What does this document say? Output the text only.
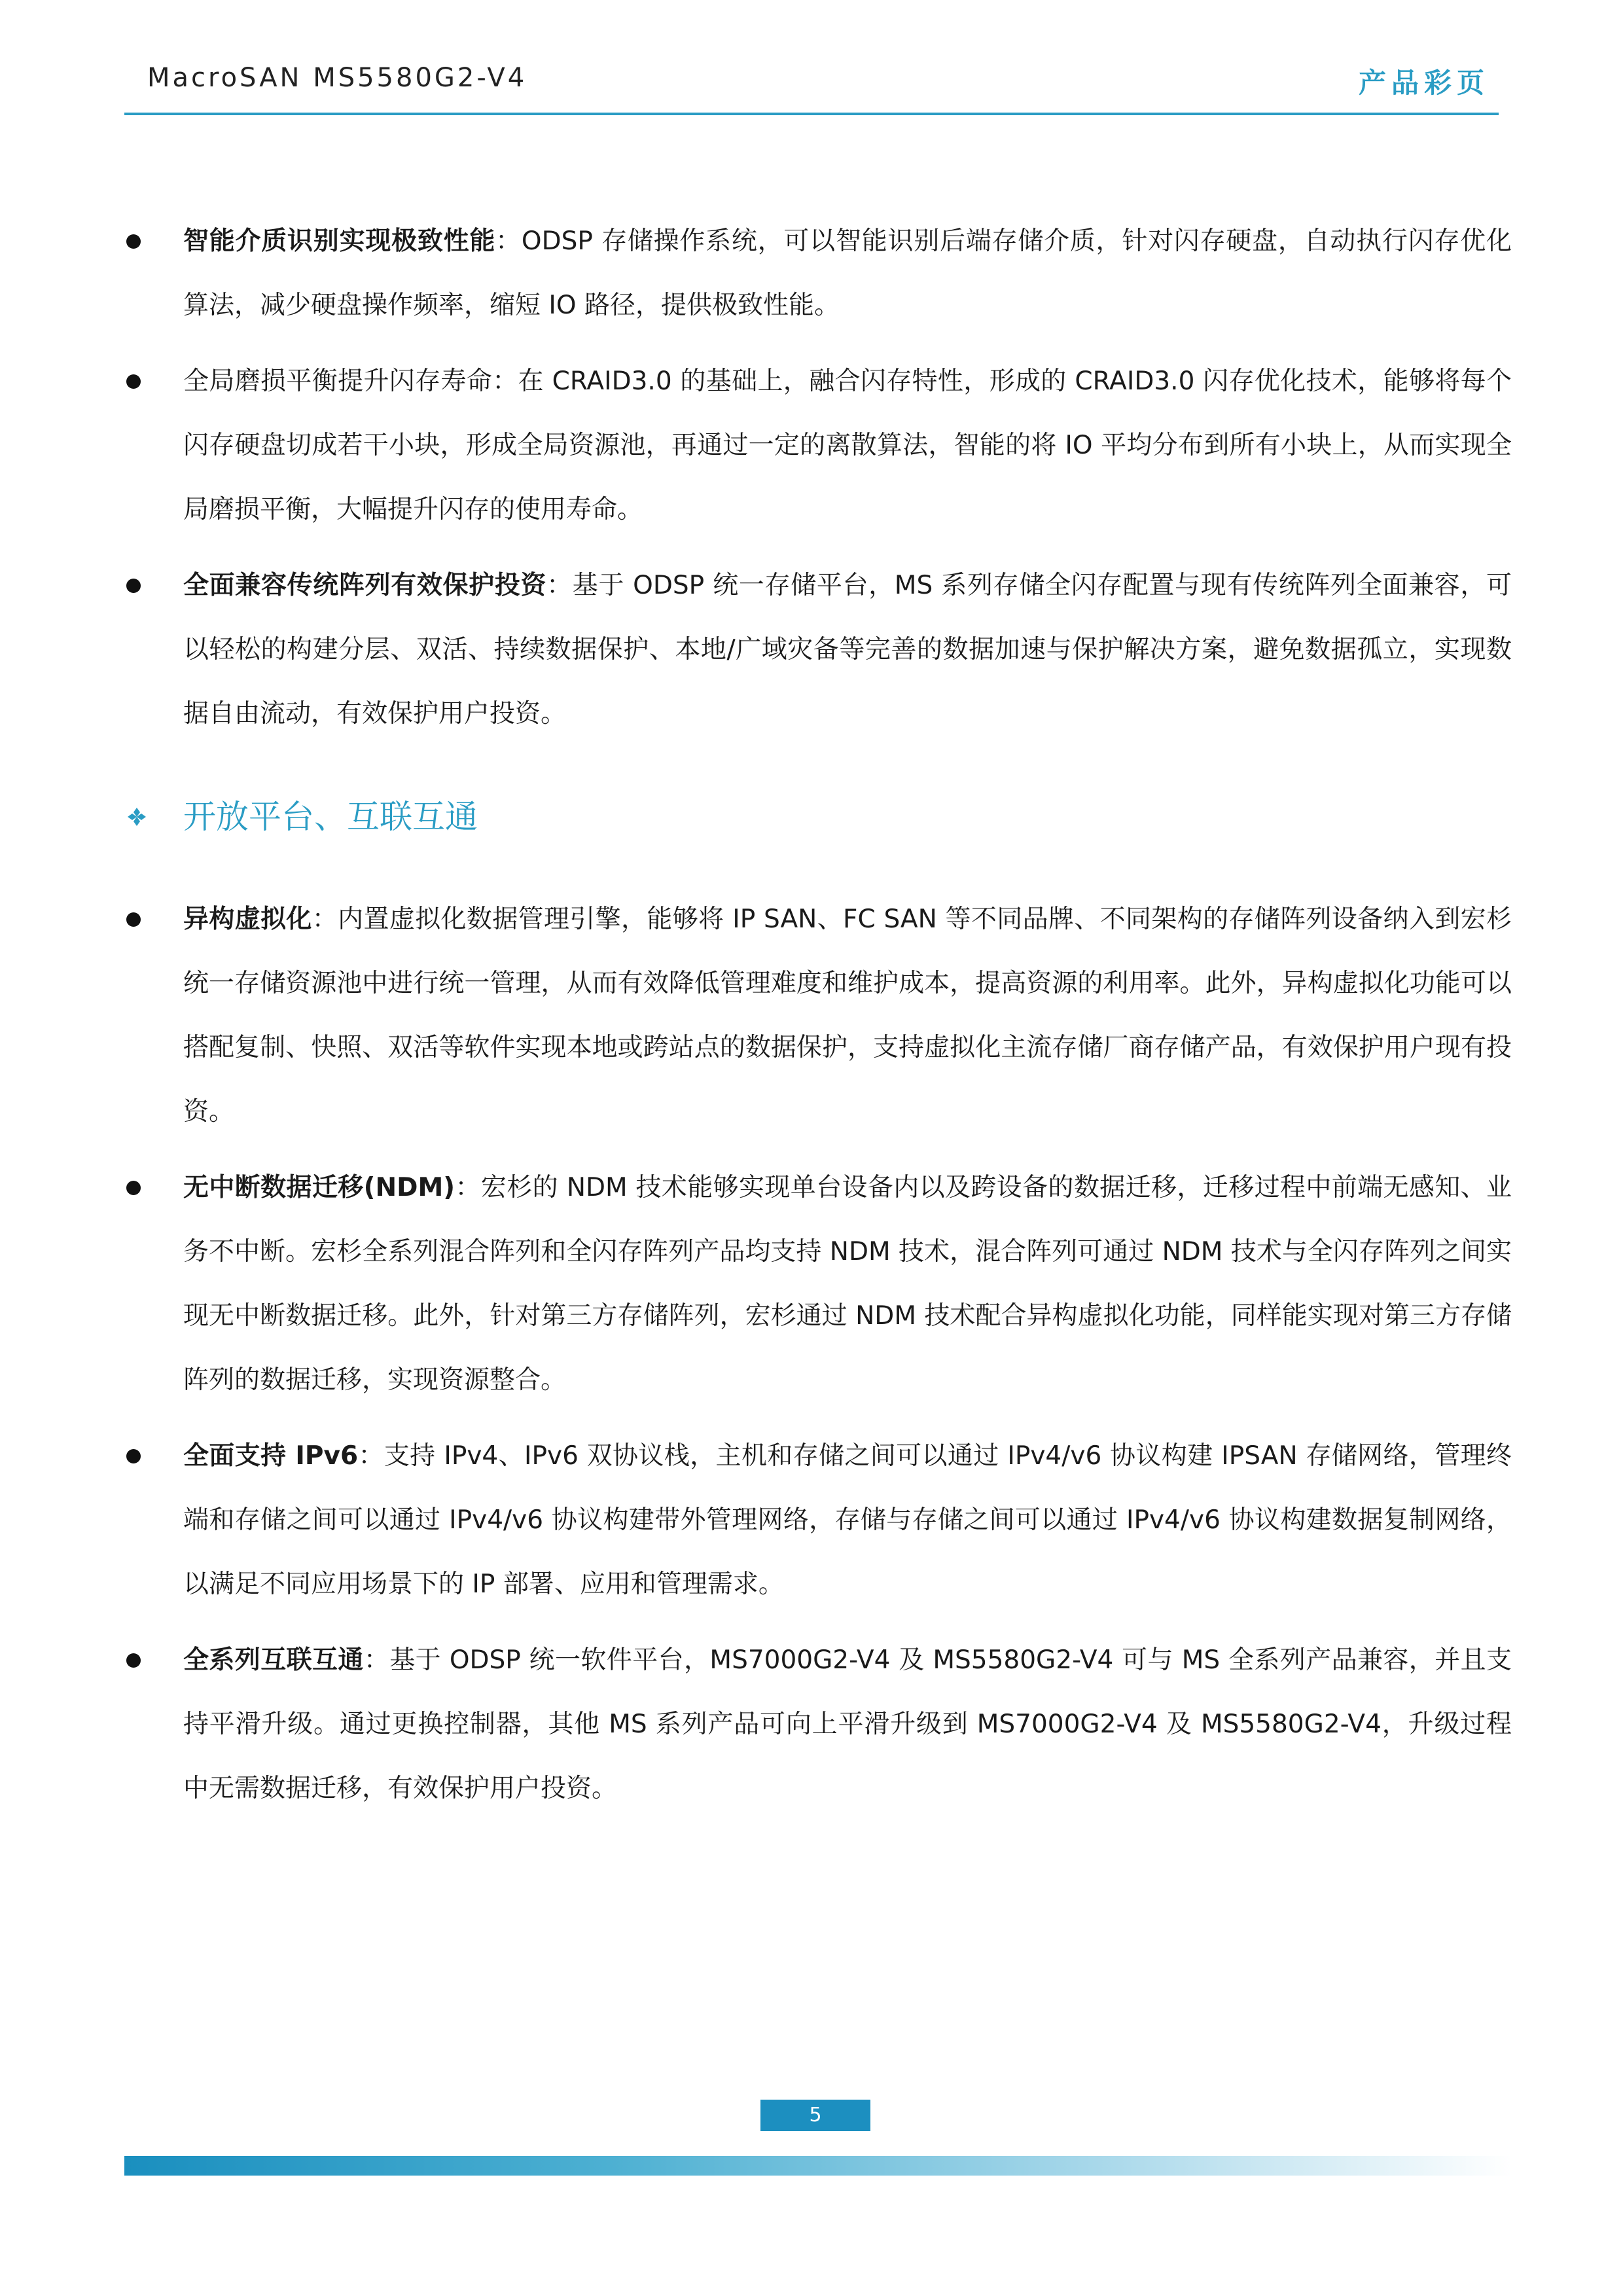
MacroSAN MS5580G2-V4	产品彩页
智能介质识别实现极致性能：ODSP 存储操作系统，可以智能识别后端存储介质，针对闪存硬盘，自动执行闪存优化算法，减少硬盘操作频率，缩短 IO 路径，提供极致性能。
全局磨损平衡提升闪存寿命：在 CRAID3.0 的基础上，融合闪存特性，形成的 CRAID3.0 闪存优化技术，能够将每个闪存硬盘切成若干小块，形成全局资源池，再通过一定的离散算法，智能的将 IO 平均分布到所有小块上，从而实现全局磨损平衡，大幅提升闪存的使用寿命。
全面兼容传统阵列有效保护投资：基于 ODSP 统一存储平台，MS 系列存储全闪存配置与现有传统阵列全面兼容，可以轻松的构建分层、双活、持续数据保护、本地/广域灾备等完善的数据加速与保护解决方案，避免数据孤立，实现数据自由流动，有效保护用户投资。
开放平台、互联互通
异构虚拟化：内置虚拟化数据管理引擎，能够将 IP SAN、FC SAN 等不同品牌、不同架构的存储阵列设备纳入到宏杉统一存储资源池中进行统一管理，从而有效降低管理难度和维护成本，提高资源的利用率。此外，异构虚拟化功能可以搭配复制、快照、双活等软件实现本地或跨站点的数据保护，支持虚拟化主流存储厂商存储产品，有效保护用户现有投资。
无中断数据迁移(NDM)：宏杉的 NDM 技术能够实现单台设备内以及跨设备的数据迁移，迁移过程中前端无感知、业务不中断。宏杉全系列混合阵列和全闪存阵列产品均支持 NDM 技术，混合阵列可通过 NDM 技术与全闪存阵列之间实现无中断数据迁移。此外，针对第三方存储阵列，宏杉通过 NDM 技术配合异构虚拟化功能，同样能实现对第三方存储阵列的数据迁移，实现资源整合。
全面支持 IPv6：支持 IPv4、IPv6 双协议栈，主机和存储之间可以通过 IPv4/v6 协议构建 IPSAN 存储网络，管理终端和存储之间可以通过 IPv4/v6 协议构建带外管理网络，存储与存储之间可以通过 IPv4/v6 协议构建数据复制网络，以满足不同应用场景下的 IP 部署、应用和管理需求。
全系列互联互通：基于 ODSP 统一软件平台，MS7000G2-V4 及 MS5580G2-V4 可与 MS 全系列产品兼容，并且支持平滑升级。通过更换控制器，其他 MS 系列产品可向上平滑升级到 MS7000G2-V4 及 MS5580G2-V4，升级过程中无需数据迁移，有效保护用户投资。
5
